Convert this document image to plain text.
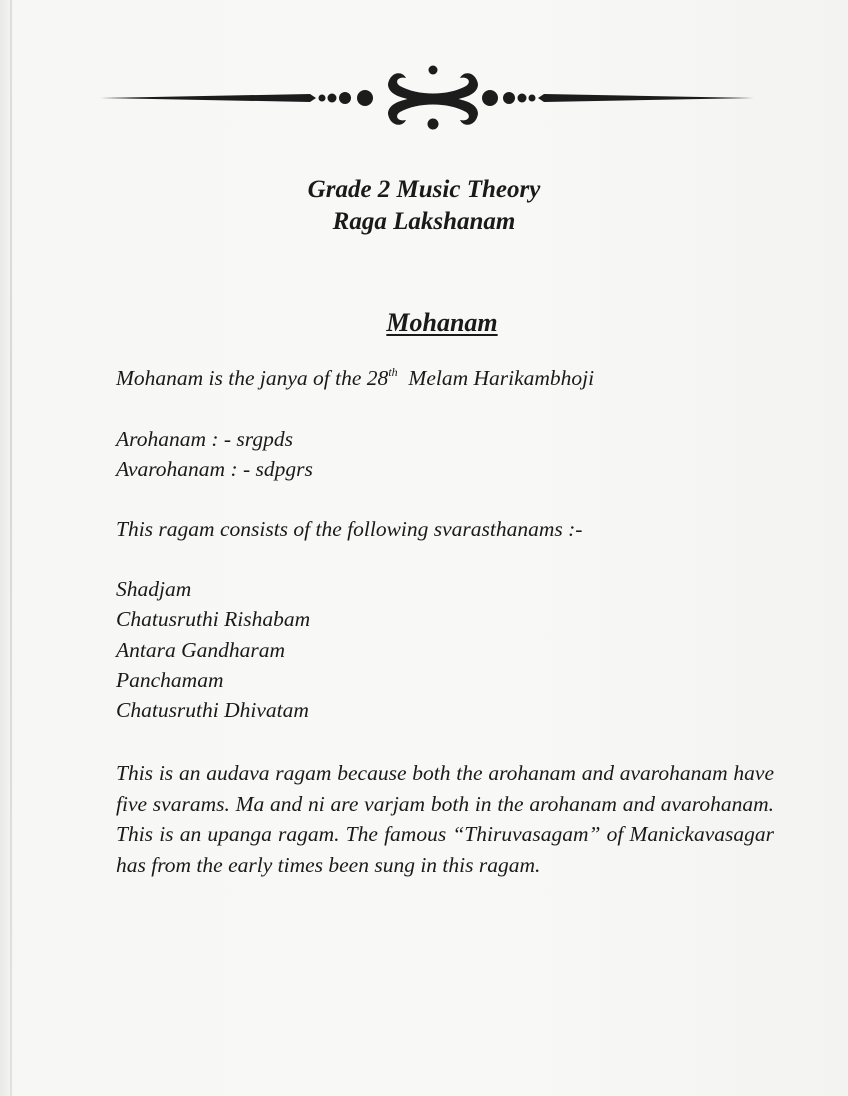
Grade 2 Music Theory
Raga Lakshanam
Mohanam

Mohanam is the janya of the 28th  Melam Harikambhoji

Arohanam : - srgpds

Avarohanam : - sdpgrs

This ragam consists of the following svarasthanams :-

Shadjam

Chatusruthi Rishabam

Antara Gandharam

Panchamam

Chatusruthi Dhivatam

This is an audava ragam because both the arohanam and avarohanam have five svarams. Ma and ni are varjam both in the arohanam and avarohanam. This is an upanga ragam. The famous “Thiruvasagam” of Manickavasagar has from the early times been sung in this ragam.
